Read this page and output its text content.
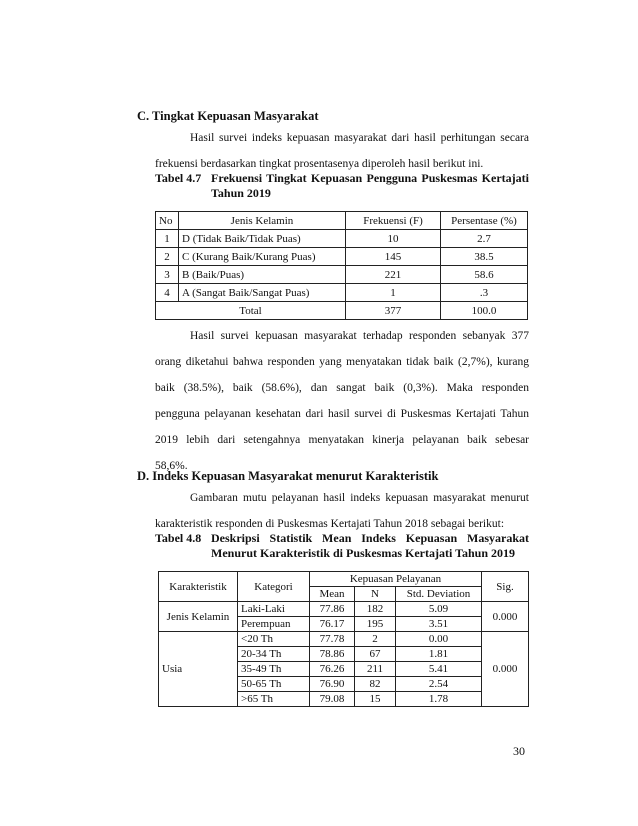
C. Tingkat Kepuasan Masyarakat
Hasil survei indeks kepuasan masyarakat dari hasil perhitungan secara
frekuensi berdasarkan tingkat prosentasenya diperoleh hasil berikut ini.
Tabel 4.7 Frekuensi Tingkat Kepuasan Pengguna Puskesmas Kertajati
Tahun 2019
No	Jenis Kelamin	Frekuensi (F)	Persentase (%)
1	D (Tidak Baik/Tidak Puas)	10	2.7
2	C (Kurang Baik/Kurang Puas)	145	38.5
3	B (Baik/Puas)	221	58.6
4	A (Sangat Baik/Sangat Puas)	1	.3
Total		377	100.0
Hasil survei kepuasan masyarakat terhadap responden sebanyak 377
orang diketahui bahwa responden yang menyatakan tidak baik (2,7%), kurang
baik (38.5%), baik (58.6%), dan sangat baik (0,3%). Maka responden
pengguna pelayanan kesehatan dari hasil survei di Puskesmas Kertajati Tahun
2019 lebih dari setengahnya menyatakan kinerja pelayanan baik sebesar
58,6%.
D. Indeks Kepuasan Masyarakat menurut Karakteristik
Gambaran mutu pelayanan hasil indeks kepuasan masyarakat menurut
karakteristik responden di Puskesmas Kertajati Tahun 2018 sebagai berikut:
Tabel 4.8 Deskripsi Statistik Mean Indeks Kepuasan Masyarakat
Menurut Karakteristik di Puskesmas Kertajati Tahun 2019
Karakteristik	Kategori	Kepuasan Pelayanan			Sig.
		Mean	N	Std. Deviation	
Jenis Kelamin	Laki-Laki	77.86	182	5.09	0.000
	Perempuan	76.17	195	3.51	
Usia	<20 Th	77.78	2	0.00	0.000
	20-34 Th	78.86	67	1.81	
	35-49 Th	76.26	211	5.41	
	50-65 Th	76.90	82	2.54	
	>65 Th	79.08	15	1.78	
30
